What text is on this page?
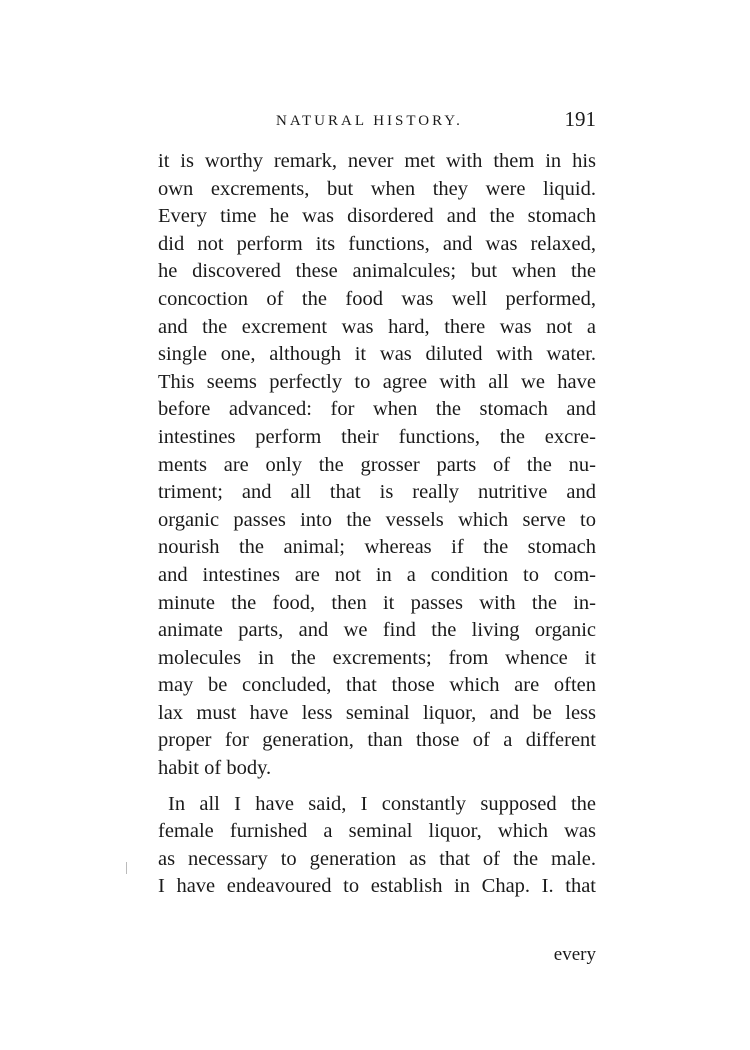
NATURAL HISTORY.	191
it is worthy remark, never met with them in his
own excrements, but when they were liquid.
Every time he was disordered and the stomach
did not perform its functions, and was relaxed,
he discovered these animalcules; but when the
concoction of the food was well performed,
and the excrement was hard, there was not a
single one, although it was diluted with water.
This seems perfectly to agree with all we have
before advanced: for when the stomach and
intestines perform their functions, the excre-
ments are only the grosser parts of the nu-
triment; and all that is really nutritive and
organic passes into the vessels which serve to
nourish the animal; whereas if the stomach
and intestines are not in a condition to com-
minute the food, then it passes with the in-
animate parts, and we find the living organic
molecules in the excrements; from whence it
may be concluded, that those which are often
lax must have less seminal liquor, and be less
proper for generation, than those of a different
habit of body.
In all I have said, I constantly supposed the
female furnished a seminal liquor, which was
as necessary to generation as that of the male.
I have endeavoured to establish in Chap. I. that
every
